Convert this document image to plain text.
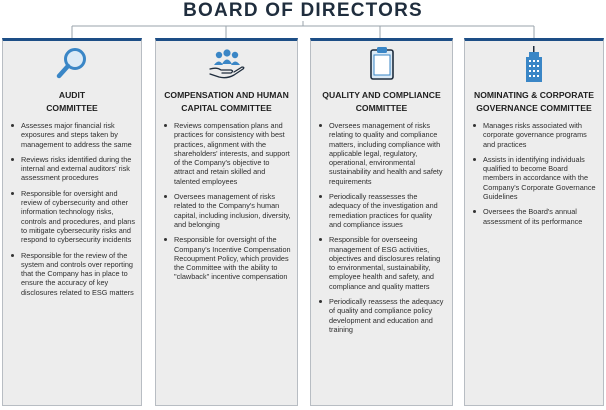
BOARD OF DIRECTORS
AUDIT
COMMITTEE
Assesses major financial risk exposures and steps taken by management to address the same
Reviews risks identified during the internal and external auditors' risk assessment procedures
Responsible for oversight and review of cybersecurity and other information technology risks, controls and procedures, and plans to mitigate cybersecurity risks and respond to cybersecurity incidents
Responsible for the review of the system and controls over reporting that the Company has in place to ensure the accuracy of key disclosures related to ESG matters
COMPENSATION AND HUMAN
CAPITAL COMMITTEE
Reviews compensation plans and practices for consistency with best practices, alignment with the shareholders' interests, and support of the Company's objective to attract and retain skilled and talented employees
Oversees management of risks related to the Company's human capital, including inclusion, diversity, and belonging
Responsible for oversight of the Company's Incentive Compensation Recoupment Policy, which provides the Committee with the ability to "clawback" incentive compensation
QUALITY AND COMPLIANCE
COMMITTEE
Oversees management of risks relating to quality and compliance matters, including compliance with applicable legal, regulatory, operational, environmental sustainability and health and safety requirements
Periodically reassesses the adequacy of the investigation and remediation practices for quality and compliance issues
Responsible for overseeing management of ESG activities, objectives and disclosures relating to environmental, sustainability, employee health and safety, and compliance and quality matters
Periodically reassess the adequacy of quality and compliance policy development and education and training
NOMINATING & CORPORATE
GOVERNANCE COMMITTEE
Manages risks associated with corporate governance programs and practices
Assists in identifying individuals qualified to become Board members in accordance with the Company's Corporate Governance Guidelines
Oversees the Board's annual assessment of its performance
